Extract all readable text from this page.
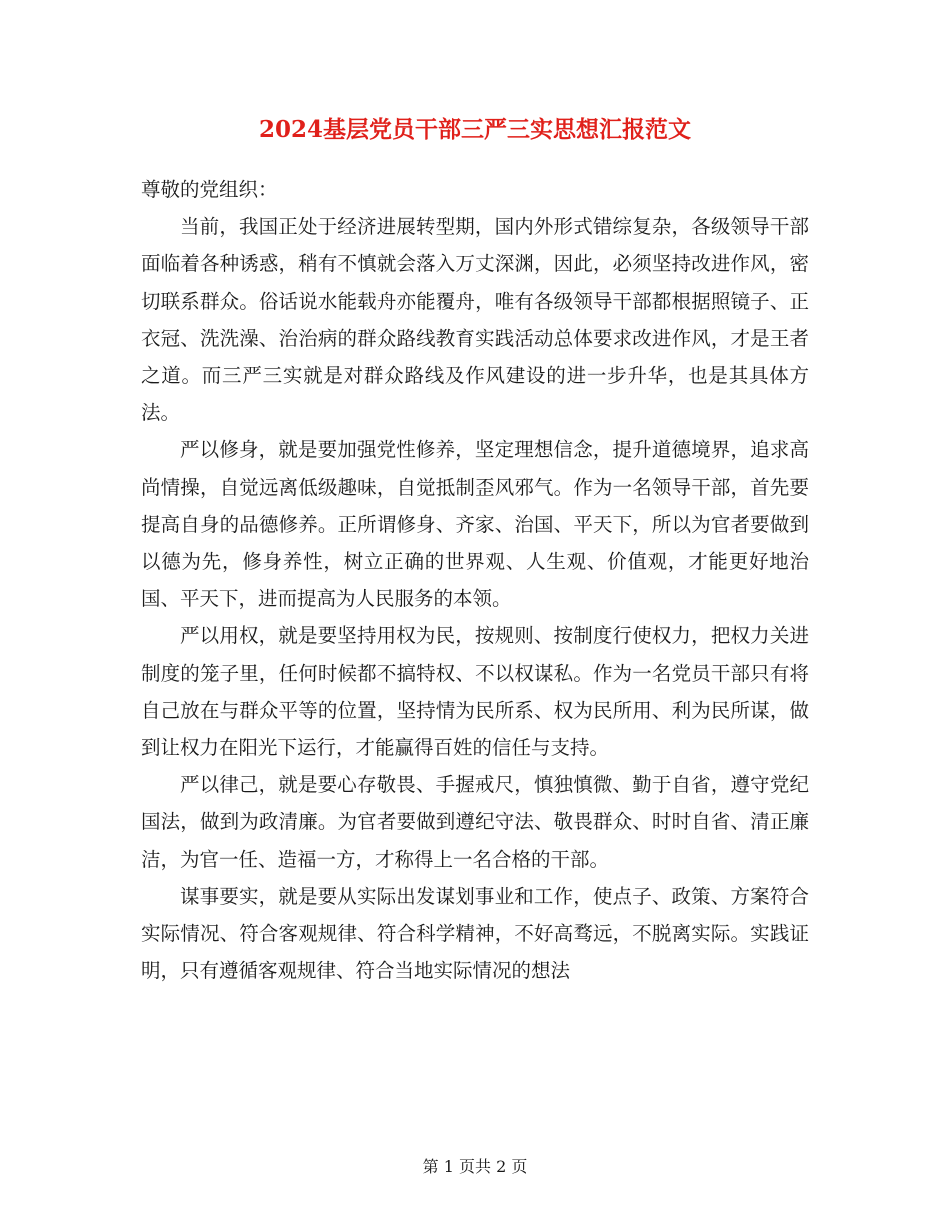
2024基层党员干部三严三实思想汇报范文

尊敬的党组织：

当前，我国正处于经济进展转型期，国内外形式错综复杂，各级领导干部面临着各种诱惑，稍有不慎就会落入万丈深渊，因此，必须坚持改进作风，密切联系群众。俗话说水能载舟亦能覆舟，唯有各级领导干部都根据照镜子、正衣冠、洗洗澡、治治病的群众路线教育实践活动总体要求改进作风，才是王者之道。而三严三实就是对群众路线及作风建设的进一步升华，也是其具体方法。

严以修身，就是要加强党性修养，坚定理想信念，提升道德境界，追求高尚情操，自觉远离低级趣味，自觉抵制歪风邪气。作为一名领导干部，首先要提高自身的品德修养。正所谓修身、齐家、治国、平天下，所以为官者要做到以德为先，修身养性，树立正确的世界观、人生观、价值观，才能更好地治国、平天下，进而提高为人民服务的本领。

严以用权，就是要坚持用权为民，按规则、按制度行使权力，把权力关进制度的笼子里，任何时候都不搞特权、不以权谋私。作为一名党员干部只有将自己放在与群众平等的位置，坚持情为民所系、权为民所用、利为民所谋，做到让权力在阳光下运行，才能赢得百姓的信任与支持。

严以律己，就是要心存敬畏、手握戒尺，慎独慎微、勤于自省，遵守党纪国法，做到为政清廉。为官者要做到遵纪守法、敬畏群众、时时自省、清正廉洁，为官一任、造福一方，才称得上一名合格的干部。

谋事要实，就是要从实际出发谋划事业和工作，使点子、政策、方案符合实际情况、符合客观规律、符合科学精神，不好高骛远，不脱离实际。实践证明，只有遵循客观规律、符合当地实际情况的想法

第 1 页共 2 页
